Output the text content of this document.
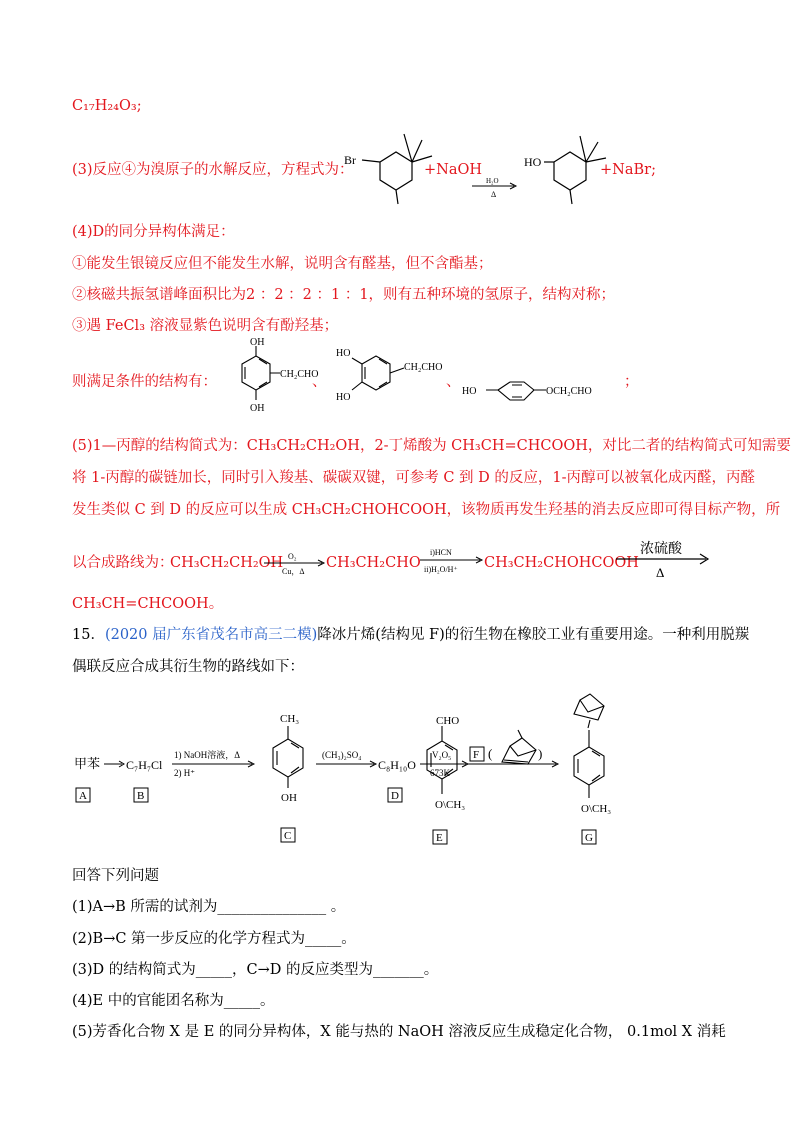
C₁₇H₂₄O₃;
(3)反应④为溴原子的水解反应，方程式为：
Br
+NaOH
H₂O
Δ
HO	+NaBr;
(4)D的同分异构体满足：
①能发生银镜反应但不能发生水解，说明含有醛基，但不含酯基；
②核磁共振氢谱峰面积比为2 ：2 ：2 ：1 ：1，则有五种环境的氢原子，结构对称；
③遇 FeCl₃ 溶液显紫色说明含有酚羟基；
则满足条件的结构有：
OH
OH
CH₂CHO
、
HO
HO
CH₂CHO
、
HO	OCH₂CHO
；
(5)1—丙醇的结构简式为：CH₃CH₂CH₂OH，2-丁烯酸为 CH₃CH=CHCOOH，对比二者的结构简式可知需要
将 1-丙醇的碳链加长，同时引入羧基、碳碳双键，可参考 C 到 D 的反应，1-丙醇可以被氧化成丙醛，丙醛
发生类似 C 到 D 的反应可以生成 CH₃CH₂CHOHCOOH，该物质再发生羟基的消去反应即可得目标产物，所
以合成路线为：
CH₃CH₂CH₂OH O₂
Cu，Δ
CH₃CH₂CHO
i)HCN
ii)H₂O/H⁺ CH₃CH₂CHOHCOOH
浓硫酸
Δ
CH₃CH=CHCOOH。
15．(2020 届广东省茂名市高三二模)降冰片烯(结构见 F)的衍生物在橡胶工业有重要用途。一种利用脱羰
偶联反应合成其衍生物的路线如下：
甲苯
A
C₇H₇Cl
B
1) NaOH溶液，Δ
2) H⁺
CH₃
OH
C
(CH₃)₂SO₄
C₈H₁₀O
D
V₂O₅
673K
CHO
O\CH₃
E
F (	)
O\CH₃
G
回答下列问题
(1)A→B 所需的试剂为_______________ 。
(2)B→C 第一步反应的化学方程式为_____。
(3)D 的结构简式为_____，C→D 的反应类型为_______。
(4)E 中的官能团名称为_____。
(5)芳香化合物 X 是 E 的同分异构体，X 能与热的 NaOH 溶液反应生成稳定化合物， 0.1mol X 消耗
